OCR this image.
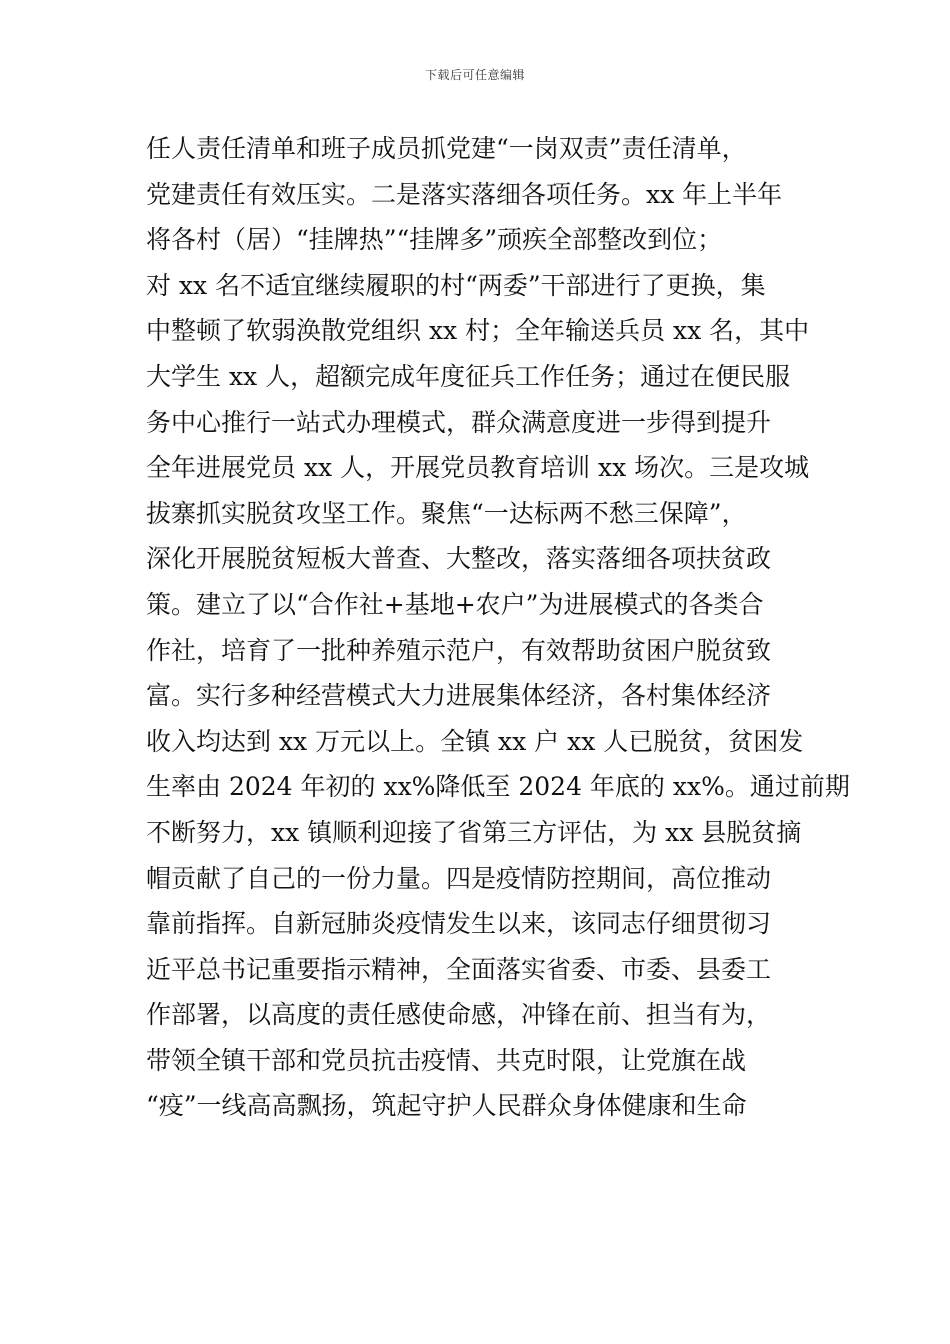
下载后可任意编辑
任人责任清单和班子成员抓党建“一岗双责”责任清单，
党建责任有效压实。二是落实落细各项任务。xx 年上半年
将各村（居）“挂牌热”“挂牌多”顽疾全部整改到位；
对 xx 名不适宜继续履职的村“两委”干部进行了更换，集
中整顿了软弱涣散党组织 xx 村；全年输送兵员 xx 名，其中
大学生 xx 人，超额完成年度征兵工作任务；通过在便民服
务中心推行一站式办理模式，群众满意度进一步得到提升
全年进展党员 xx 人，开展党员教育培训 xx 场次。三是攻城
拔寨抓实脱贫攻坚工作。聚焦“一达标两不愁三保障”，
深化开展脱贫短板大普查、大整改，落实落细各项扶贫政
策。建立了以“合作社+基地+农户”为进展模式的各类合
作社，培育了一批种养殖示范户，有效帮助贫困户脱贫致
富。实行多种经营模式大力进展集体经济，各村集体经济
收入均达到 xx 万元以上。全镇 xx 户 xx 人已脱贫，贫困发
生率由 2024 年初的 xx%降低至 2024 年底的 xx%。通过前期
不断努力，xx 镇顺利迎接了省第三方评估，为 xx 县脱贫摘
帽贡献了自己的一份力量。四是疫情防控期间，高位推动
靠前指挥。自新冠肺炎疫情发生以来，该同志仔细贯彻习
近平总书记重要指示精神，全面落实省委、市委、县委工
作部署，以高度的责任感使命感，冲锋在前、担当有为，
带领全镇干部和党员抗击疫情、共克时限，让党旗在战
“疫”一线高高飘扬，筑起守护人民群众身体健康和生命
